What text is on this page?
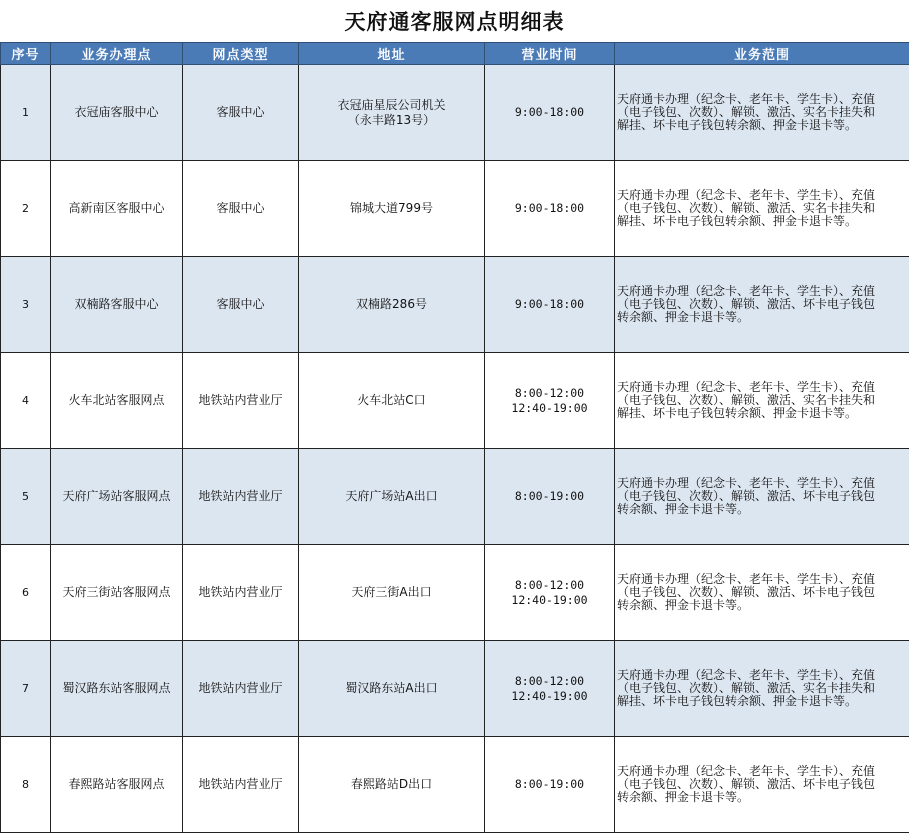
天府通客服网点明细表
序号	业务办理点	网点类型	地址	营业时间	业务范围
1	衣冠庙客服中心	客服中心	衣冠庙星辰公司机关
（永丰路13号）	9:00-18:00	天府通卡办理（纪念卡、老年卡、学生卡）、充值
（电子钱包、次数）、解锁、激活、实名卡挂失和
解挂、坏卡电子钱包转余额、押金卡退卡等。

2	高新南区客服中心	客服中心	锦城大道799号	9:00-18:00	天府通卡办理（纪念卡、老年卡、学生卡）、充值
（电子钱包、次数）、解锁、激活、实名卡挂失和
解挂、坏卡电子钱包转余额、押金卡退卡等。

3	双楠路客服中心	客服中心	双楠路286号	9:00-18:00	天府通卡办理（纪念卡、老年卡、学生卡）、充值
（电子钱包、次数）、解锁、激活、坏卡电子钱包
转余额、押金卡退卡等。

4	火车北站客服网点	地铁站内营业厅	火车北站C口	8:00-12:00
12:40-19:00	天府通卡办理（纪念卡、老年卡、学生卡）、充值
（电子钱包、次数）、解锁、激活、实名卡挂失和
解挂、坏卡电子钱包转余额、押金卡退卡等。

5	天府广场站客服网点	地铁站内营业厅	天府广场站A出口	8:00-19:00	天府通卡办理（纪念卡、老年卡、学生卡）、充值
（电子钱包、次数）、解锁、激活、坏卡电子钱包
转余额、押金卡退卡等。

6	天府三街站客服网点	地铁站内营业厅	天府三街A出口	8:00-12:00
12:40-19:00	天府通卡办理（纪念卡、老年卡、学生卡）、充值
（电子钱包、次数）、解锁、激活、坏卡电子钱包
转余额、押金卡退卡等。

7	蜀汉路东站客服网点	地铁站内营业厅	蜀汉路东站A出口	8:00-12:00
12:40-19:00	天府通卡办理（纪念卡、老年卡、学生卡）、充值
（电子钱包、次数）、解锁、激活、实名卡挂失和
解挂、坏卡电子钱包转余额、押金卡退卡等。

8	春熙路站客服网点	地铁站内营业厅	春熙路站D出口	8:00-19:00	天府通卡办理（纪念卡、老年卡、学生卡）、充值
（电子钱包、次数）、解锁、激活、坏卡电子钱包
转余额、押金卡退卡等。
